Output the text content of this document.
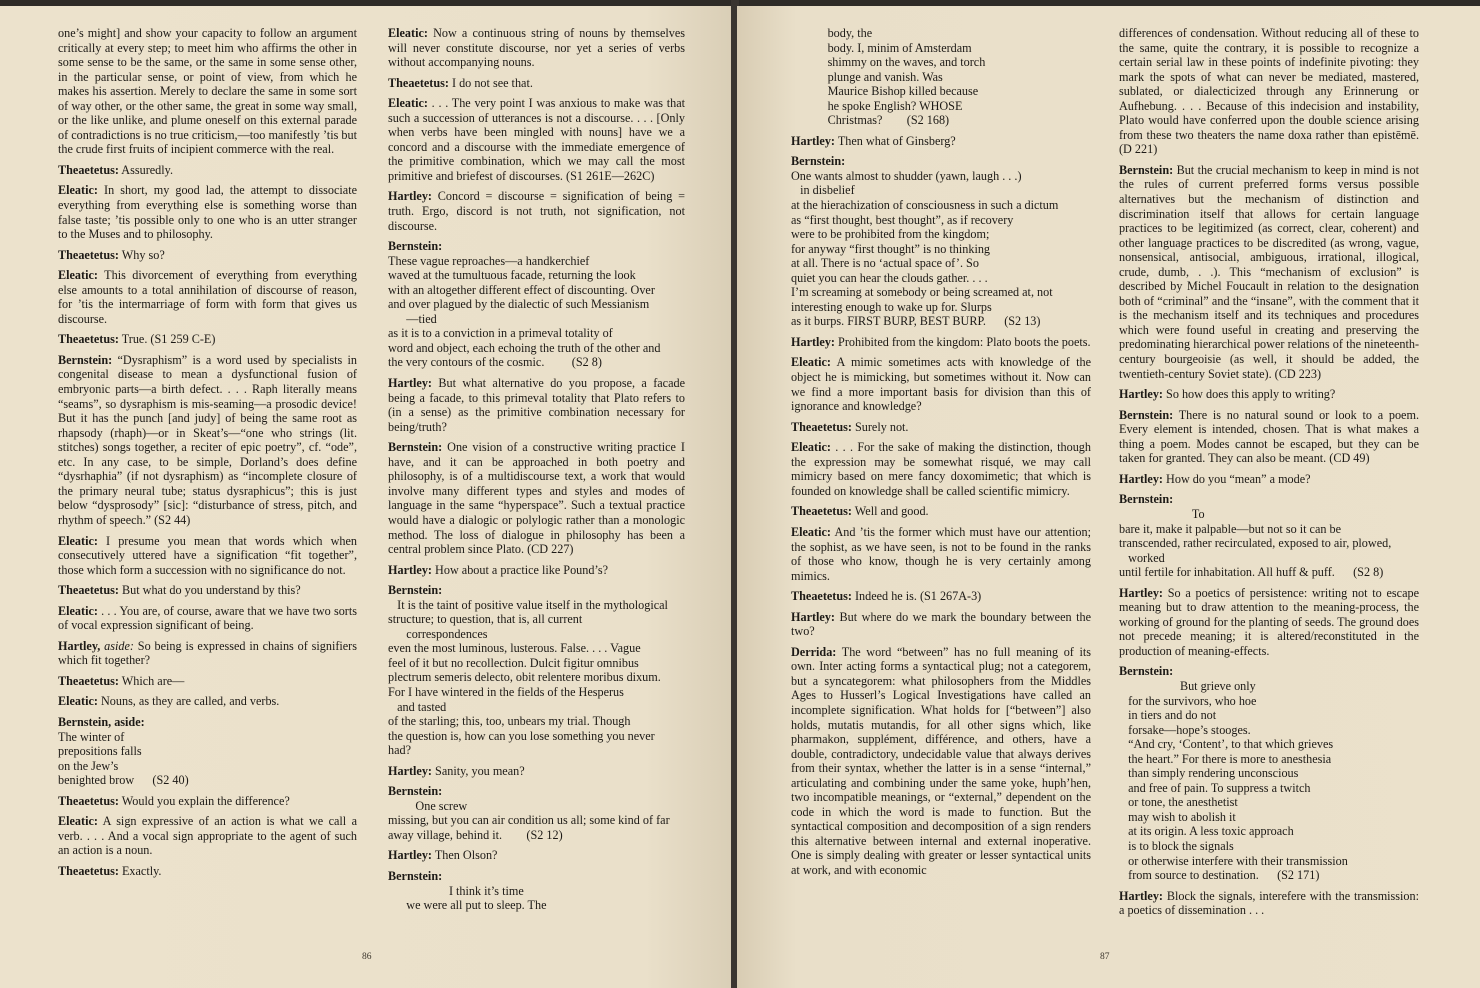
one’s might] and show your capacity to follow an argument critically at every step; to meet him who affirms the other in some sense to be the same, or the same in some sense other, in the particular sense, or point of view, from which he makes his assertion. Merely to declare the same in some sort of way other, or the other same, the great in some way small, or the like unlike, and plume oneself on this external parade of contradictions is no true criticism,—too manifestly ’tis but the crude first fruits of incipient commerce with the real.
Theaetetus: Assuredly.
Eleatic: In short, my good lad, the attempt to dissociate everything from everything else is something worse than false taste; ’tis possible only to one who is an utter stranger to the Muses and to philosophy.
Theaetetus: Why so?
Eleatic: This divorcement of everything from everything else amounts to a total annihilation of discourse of reason, for ’tis the intermarriage of form with form that gives us discourse.
Theaetetus: True. (S1 259 C-E)
Bernstein: “Dysraphism” is a word used by specialists in congenital disease to mean a dysfunctional fusion of embryonic parts—a birth defect. . . . Raph literally means “seams”, so dysraphism is mis-seaming—a prosodic device! But it has the punch [and judy] of being the same root as rhapsody (rhaph)—or in Skeat’s—“one who strings (lit. stitches) songs together, a reciter of epic poetry”, cf. “ode”, etc. In any case, to be simple, Dorland’s does define “dysrhaphia” (if not dysraphism) as “incomplete closure of the primary neural tube; status dysraphicus”; this is just below “dysprosody” [sic]: “disturbance of stress, pitch, and rhythm of speech.” (S2 44)
Eleatic: I presume you mean that words which when consecutively uttered have a signification “fit together”, those which form a succession with no significance do not.
Theaetetus: But what do you understand by this?
Eleatic: . . . You are, of course, aware that we have two sorts of vocal expression significant of being.
Hartley, aside: So being is expressed in chains of signifiers which fit together?
Theaetetus: Which are—
Eleatic: Nouns, as they are called, and verbs.
Bernstein, aside:
The winter of
prepositions falls
on the Jew’s
benighted brow      (S2 40)
Theaetetus: Would you explain the difference?
Eleatic: A sign expressive of an action is what we call a verb. . . . And a vocal sign appropriate to the agent of such an action is a noun.
Theaetetus: Exactly.
Eleatic: Now a continuous string of nouns by themselves will never constitute discourse, nor yet a series of verbs without accompanying nouns.
Theaetetus: I do not see that.
Eleatic: . . . The very point I was anxious to make was that such a succession of utterances is not a discourse. . . . [Only when verbs have been mingled with nouns] have we a concord and a discourse with the immediate emergence of the primitive combination, which we may call the most primitive and briefest of discourses. (S1 261E—262C)
Hartley: Concord = discourse = signification of being = truth. Ergo, discord is not truth, not signification, not discourse.
Bernstein:
These vague reproaches—a handkerchief
waved at the tumultuous facade, returning the look
with an altogether different effect of discounting. Over
and over plagued by the dialectic of such Messianism
—tied
as it is to a conviction in a primeval totality of
word and object, each echoing the truth of the other and
the very contours of the cosmic.         (S2 8)
Hartley: But what alternative do you propose, a facade being a facade, to this primeval totality that Plato refers to (in a sense) as the primitive combination necessary for being/truth?
Bernstein: One vision of a constructive writing practice I have, and it can be approached in both poetry and philosophy, is of a multidiscourse text, a work that would involve many different types and styles and modes of language in the same “hyperspace”. Such a textual practice would have a dialogic or polylogic rather than a monologic method. The loss of dialogue in philosophy has been a central problem since Plato. (CD 227)
Hartley: How about a practice like Pound’s?
Bernstein:
It is the taint of positive value itself in the mythological
structure; to question, that is, all current
correspondences
even the most luminous, lusterous. False. . . . Vague
feel of it but no recollection. Dulcit figitur omnibus
plectrum semeris delecto, obit relentere moribus dixum.
For I have wintered in the fields of the Hesperus
and tasted
of the starling; this, too, unbears my trial. Though
the question is, how can you lose something you never
had?
Hartley: Sanity, you mean?
Bernstein:
One screw
missing, but you can air condition us all; some kind of far
away village, behind it.        (S2 12)
Hartley: Then Olson?
Bernstein:
I think it’s time
we were all put to sleep. The
86
body, the
body. I, minim of Amsterdam
shimmy on the waves, and torch
plunge and vanish. Was
Maurice Bishop killed because
he spoke English? WHOSE
Christmas?        (S2 168)
Hartley: Then what of Ginsberg?
Bernstein:
One wants almost to shudder (yawn, laugh . . .)
in disbelief
at the hierachization of consciousness in such a dictum
as “first thought, best thought”, as if recovery
were to be prohibited from the kingdom;
for anyway “first thought” is no thinking
at all. There is no ‘actual space of’. So
quiet you can hear the clouds gather. . . .
I’m screaming at somebody or being screamed at, not
interesting enough to wake up for. Slurps
as it burps. FIRST BURP, BEST BURP.      (S2 13)
Hartley: Prohibited from the kingdom: Plato boots the poets.
Eleatic: A mimic sometimes acts with knowledge of the object he is mimicking, but sometimes without it. Now can we find a more important basis for division than this of ignorance and knowledge?
Theaetetus: Surely not.
Eleatic: . . . For the sake of making the distinction, though the expression may be somewhat risqué, we may call mimicry based on mere fancy doxomimetic; that which is founded on knowledge shall be called scientific mimicry.
Theaetetus: Well and good.
Eleatic: And ’tis the former which must have our attention; the sophist, as we have seen, is not to be found in the ranks of those who know, though he is very certainly among mimics.
Theaetetus: Indeed he is. (S1 267A-3)
Hartley: But where do we mark the boundary between the two?
Derrida: The word “between” has no full meaning of its own. Inter acting forms a syntactical plug; not a categorem, but a syncategorem: what philosophers from the Middles Ages to Husserl’s Logical Investigations have called an incomplete signification. What holds for [“between”] also holds, mutatis mutandis, for all other signs which, like pharmakon, supplément, différence, and others, have a double, contradictory, undecidable value that always derives from their syntax, whether the latter is in a sense “internal,” articulating and combining under the same yoke, huph’hen, two incompatible meanings, or “external,” dependent on the code in which the word is made to function. But the syntactical composition and decomposition of a sign renders this alternative between internal and external inoperative. One is simply dealing with greater or lesser syntactical units at work, and with economic
differences of condensation. Without reducing all of these to the same, quite the contrary, it is possible to recognize a certain serial law in these points of indefinite pivoting: they mark the spots of what can never be mediated, mastered, sublated, or dialecticized through any Erinnerung or Aufhebung. . . . Because of this indecision and instability, Plato would have conferred upon the double science arising from these two theaters the name doxa rather than epistēmē. (D 221)
Bernstein: But the crucial mechanism to keep in mind is not the rules of current preferred forms versus possible alternatives but the mechanism of distinction and discrimination itself that allows for certain language practices to be legitimized (as correct, clear, coherent) and other language practices to be discredited (as wrong, vague, nonsensical, antisocial, ambiguous, irrational, illogical, crude, dumb, . .). This “mechanism of exclusion” is described by Michel Foucault in relation to the designation both of “criminal” and the “insane”, with the comment that it is the mechanism itself and its techniques and procedures which were found useful in creating and preserving the predominating hierarchical power relations of the nineteenth-century bourgeoisie (as well, it should be added, the twentieth-century Soviet state). (CD 223)
Hartley: So how does this apply to writing?
Bernstein: There is no natural sound or look to a poem. Every element is intended, chosen. That is what makes a thing a poem. Modes cannot be escaped, but they can be taken for granted. They can also be meant. (CD 49)
Hartley: How do you “mean” a mode?
Bernstein:
To
bare it, make it palpable—but not so it can be
transcended, rather recirculated, exposed to air, plowed,
worked
until fertile for inhabitation. All huff & puff.      (S2 8)
Hartley: So a poetics of persistence: writing not to escape meaning but to draw attention to the meaning-process, the working of ground for the planting of seeds. The ground does not precede meaning; it is altered/reconstituted in the production of meaning-effects.
Bernstein:
But grieve only
for the survivors, who hoe
in tiers and do not
forsake—hope’s stooges.
“And cry, ‘Content’, to that which grieves
the heart.” For there is more to anesthesia
than simply rendering unconscious
and free of pain. To suppress a twitch
or tone, the anesthetist
may wish to abolish it
at its origin. A less toxic approach
is to block the signals
or otherwise interfere with their transmission
from source to destination.      (S2 171)
Hartley: Block the signals, interefere with the transmission: a poetics of dissemination . . .
87
